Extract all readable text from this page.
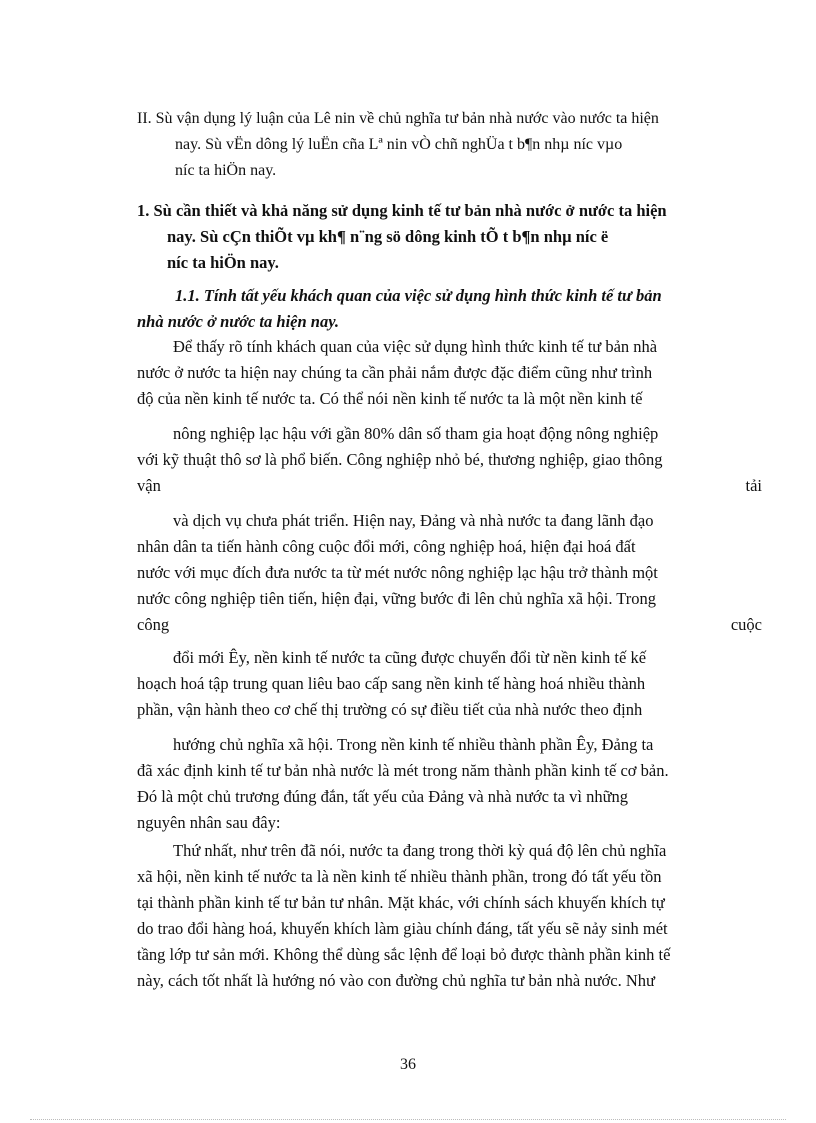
II. Sù vận dụng lý luận của Lê nin về chủ nghĩa tư bản nhà nước vào nước ta hiện
nay. Sù vËn dông lý luËn cña Lª nin vÒ chñ nghÜa t b¶n nhµ níc vµo
níc ta hiÖn nay.
1. Sù cần thiết và khả năng sử dụng kinh tế tư bản nhà nước ở nước ta hiện
nay. Sù cÇn thiÕt vµ kh¶ n¨ng sö dông kinh tÕ t b¶n nhµ níc ë
níc ta hiÖn nay.
1.1. Tính tất yếu khách quan của việc sử dụng hình thức kinh tế tư bản
nhà nước ở nước ta hiện nay.
Để thấy rõ tính khách quan của việc sử dụng hình thức kinh tế tư bản nhà
nước ở nước ta hiện nay chúng ta cần phải nắm được đặc điểm cũng như trình
độ của nền kinh tế nước ta. Có thể nói nền kinh tế nước ta là một nền kinh tế
nông nghiệp lạc hậu với gần 80% dân số tham gia hoạt động nông nghiệp
với kỹ thuật thô sơ là phổ biến. Công nghiệp nhỏ bé, thương nghiệp, giao thông
vận	tải
và dịch vụ chưa phát triển. Hiện nay, Đảng và nhà nước ta đang lãnh đạo
nhân dân ta tiến hành công cuộc đổi mới, công nghiệp hoá, hiện đại hoá đất
nước với mục đích đưa nước ta từ mét nước nông nghiệp lạc hậu trở thành một
nước công nghiệp tiên tiến, hiện đại, vững bước đi lên chủ nghĩa xã hội. Trong
công	cuộc
đổi mới Êy, nền kinh tế nước ta cũng được chuyển đổi từ nền kinh tế kế
hoạch hoá tập trung quan liêu bao cấp sang nền kinh tế hàng hoá nhiều thành
phần, vận hành theo cơ chế thị trường có sự điều tiết của nhà nước theo định
hướng chủ nghĩa xã hội. Trong nền kinh tế nhiều thành phần Êy, Đảng ta
đã xác định kinh tế tư bản nhà nước là mét trong năm thành phần kinh tế cơ bản.
Đó là một chủ trương đúng đắn, tất yếu của Đảng và nhà nước ta vì những
nguyên nhân sau đây:
Thứ nhất, như trên đã nói, nước ta đang trong thời kỳ quá độ lên chủ nghĩa
xã hội, nền kinh tế nước ta là nền kinh tế nhiều thành phần, trong đó tất yếu tồn
tại thành phần kinh tế tư bản tư nhân. Mặt khác, với chính sách khuyến khích tự
do trao đổi hàng hoá, khuyến khích làm giàu chính đáng, tất yếu sẽ nảy sinh mét
tầng lớp tư sản mới. Không thể dùng sắc lệnh để loại bỏ được thành phần kinh tế
này, cách tốt nhất là hướng nó vào con đường chủ nghĩa tư bản nhà nước. Như
36
